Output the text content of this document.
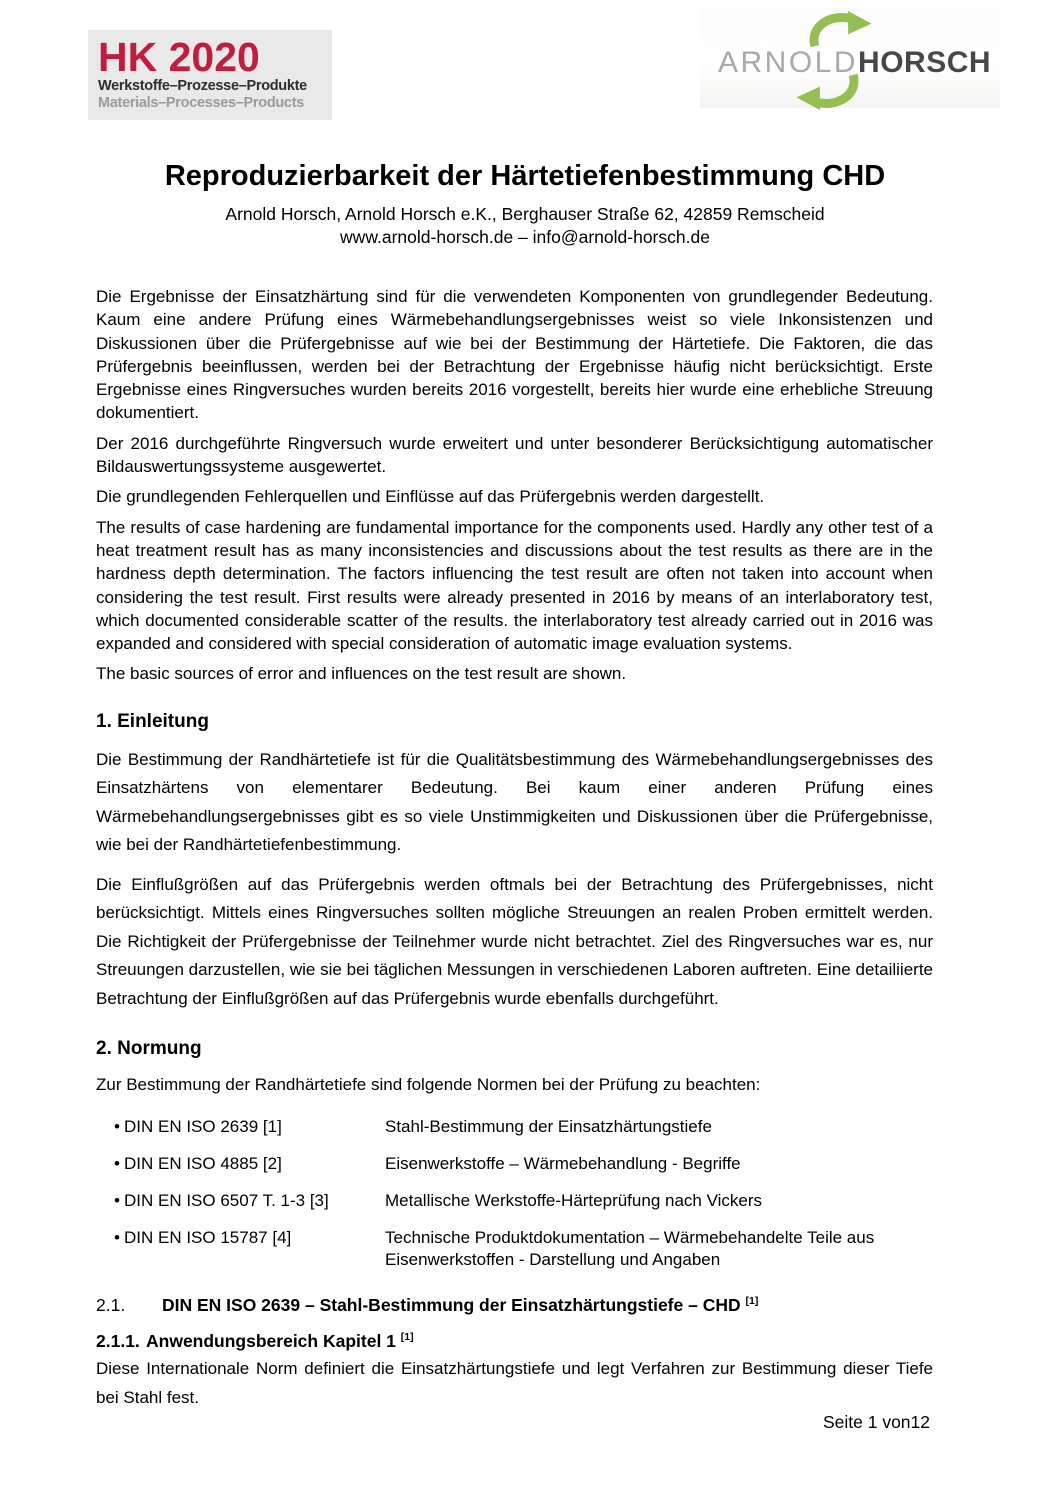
HK 2020
Werkstoffe–Prozesse–Produkte
Materials–Processes–Products
ARNOLDHORSCH
Reproduzierbarkeit der Härtetiefenbestimmung CHD

Arnold Horsch, Arnold Horsch e.K., Berghauser Straße 62, 42859 Remscheid

www.arnold-horsch.de – info@arnold-horsch.de

Die Ergebnisse der Einsatzhärtung sind für die verwendeten Komponenten von grundlegender Bedeutung. Kaum eine andere Prüfung eines Wärmebehandlungsergebnisses weist so viele Inkonsistenzen und Diskussionen über die Prüfergebnisse auf wie bei der Bestimmung der Härtetiefe. Die Faktoren, die das Prüfergebnis beeinflussen, werden bei der Betrachtung der Ergebnisse häufig nicht berücksichtigt. Erste Ergebnisse eines Ringversuches wurden bereits 2016 vorgestellt, bereits hier wurde eine erhebliche Streuung dokumentiert.

Der 2016 durchgeführte Ringversuch wurde erweitert und unter besonderer Berücksichtigung automatischer Bildauswertungssysteme ausgewertet.

Die grundlegenden Fehlerquellen und Einflüsse auf das Prüfergebnis werden dargestellt.

The results of case hardening are fundamental importance for the components used. Hardly any other test of a heat treatment result has as many inconsistencies and discussions about the test results as there are in the hardness depth determination. The factors influencing the test result are often not taken into account when considering the test result. First results were already presented in 2016 by means of an interlaboratory test, which documented considerable scatter of the results. the interlaboratory test already carried out in 2016 was expanded and considered with special consideration of automatic image evaluation systems.

The basic sources of error and influences on the test result are shown.

1. Einleitung

Die Bestimmung der Randhärtetiefe ist für die Qualitätsbestimmung des Wärmebehandlungsergebnisses des Einsatzhärtens von elementarer Bedeutung. Bei kaum einer anderen Prüfung eines Wärmebehandlungsergebnisses gibt es so viele Unstimmigkeiten und Diskussionen über die Prüfergebnisse, wie bei der Randhärtetiefenbestimmung.

Die Einflußgrößen auf das Prüfergebnis werden oftmals bei der Betrachtung des Prüfergebnisses, nicht berücksichtigt. Mittels eines Ringversuches sollten mögliche Streuungen an realen Proben ermittelt werden. Die Richtigkeit der Prüfergebnisse der Teilnehmer wurde nicht betrachtet. Ziel des Ringversuches war es, nur Streuungen darzustellen, wie sie bei täglichen Messungen in verschiedenen Laboren auftreten. Eine detailiierte Betrachtung der Einflußgrößen auf das Prüfergebnis wurde ebenfalls durchgeführt.

2. Normung

Zur Bestimmung der Randhärtetiefe sind folgende Normen bei der Prüfung zu beachten:

• DIN EN ISO 2639 [1]	Stahl-Bestimmung der Einsatzhärtungstiefe
• DIN EN ISO 4885 [2]	Eisenwerkstoffe – Wärmebehandlung - Begriffe
• DIN EN ISO 6507 T. 1-3 [3]	Metallische Werkstoffe-Härteprüfung nach Vickers
• DIN EN ISO 15787 [4]	Technische Produktdokumentation – Wärmebehandelte Teile aus Eisenwerkstoffen - Darstellung und Angaben
2.1. DIN EN ISO 2639 – Stahl-Bestimmung der Einsatzhärtungstiefe – CHD [1]
2.1.1. Anwendungsbereich Kapitel 1 [1]

Diese Internationale Norm definiert die Einsatzhärtungstiefe und legt Verfahren zur Bestimmung dieser Tiefe bei Stahl fest.

Seite 1 von12
